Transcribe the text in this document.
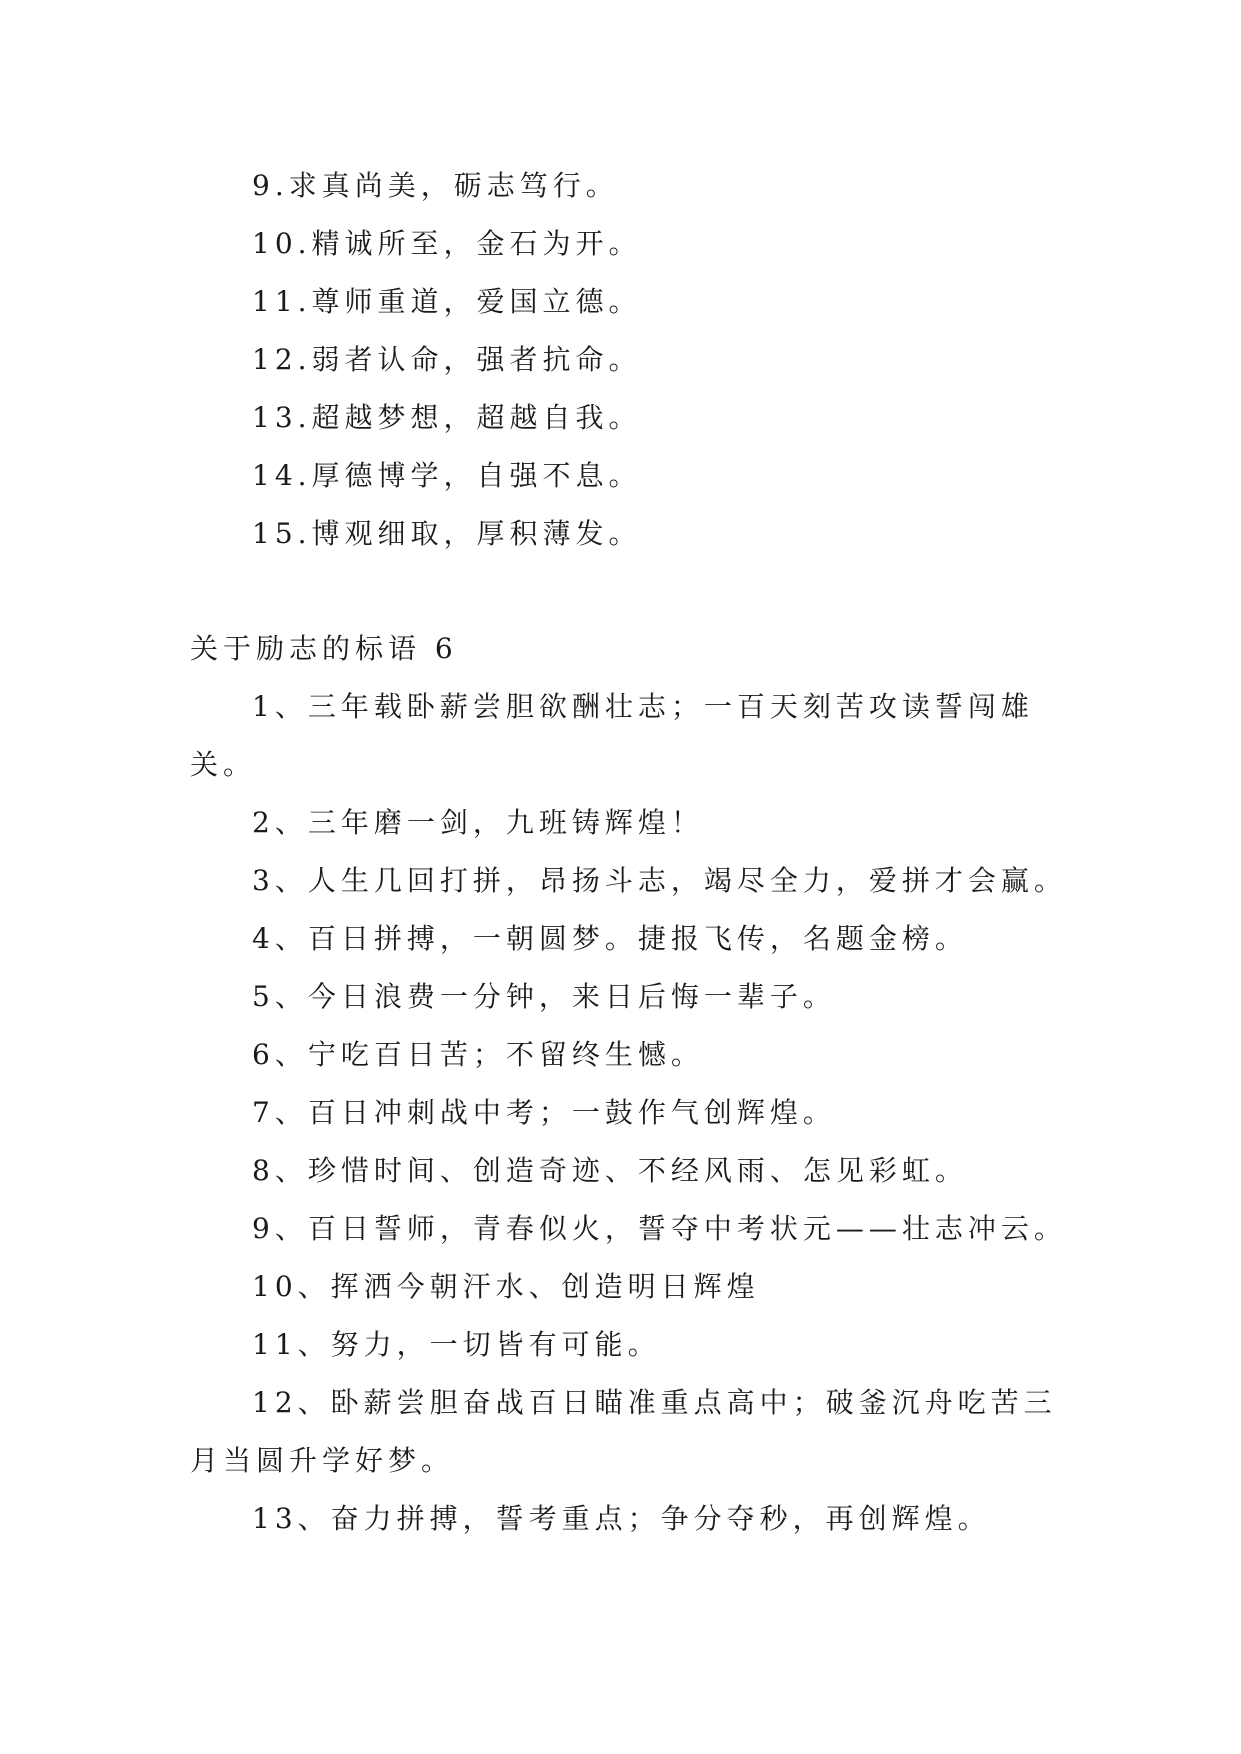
9.求真尚美，砺志笃行。
10.精诚所至，金石为开。
11.尊师重道，爱国立德。
12.弱者认命，强者抗命。
13.超越梦想，超越自我。
14.厚德博学，自强不息。
15.博观细取，厚积薄发。
关于励志的标语 6
1、三年载卧薪尝胆欲酬壮志；一百天刻苦攻读誓闯雄
关。
2、三年磨一剑，九班铸辉煌！
3、人生几回打拼，昂扬斗志，竭尽全力，爱拼才会赢。
4、百日拼搏，一朝圆梦。捷报飞传，名题金榜。
5、今日浪费一分钟，来日后悔一辈子。
6、宁吃百日苦；不留终生憾。
7、百日冲刺战中考；一鼓作气创辉煌。
8、珍惜时间、创造奇迹、不经风雨、怎见彩虹。
9、百日誓师，青春似火，誓夺中考状元——壮志冲云。
10、挥洒今朝汗水、创造明日辉煌
11、努力，一切皆有可能。
12、卧薪尝胆奋战百日瞄准重点高中；破釜沉舟吃苦三
月当圆升学好梦。
13、奋力拼搏，誓考重点；争分夺秒，再创辉煌。
